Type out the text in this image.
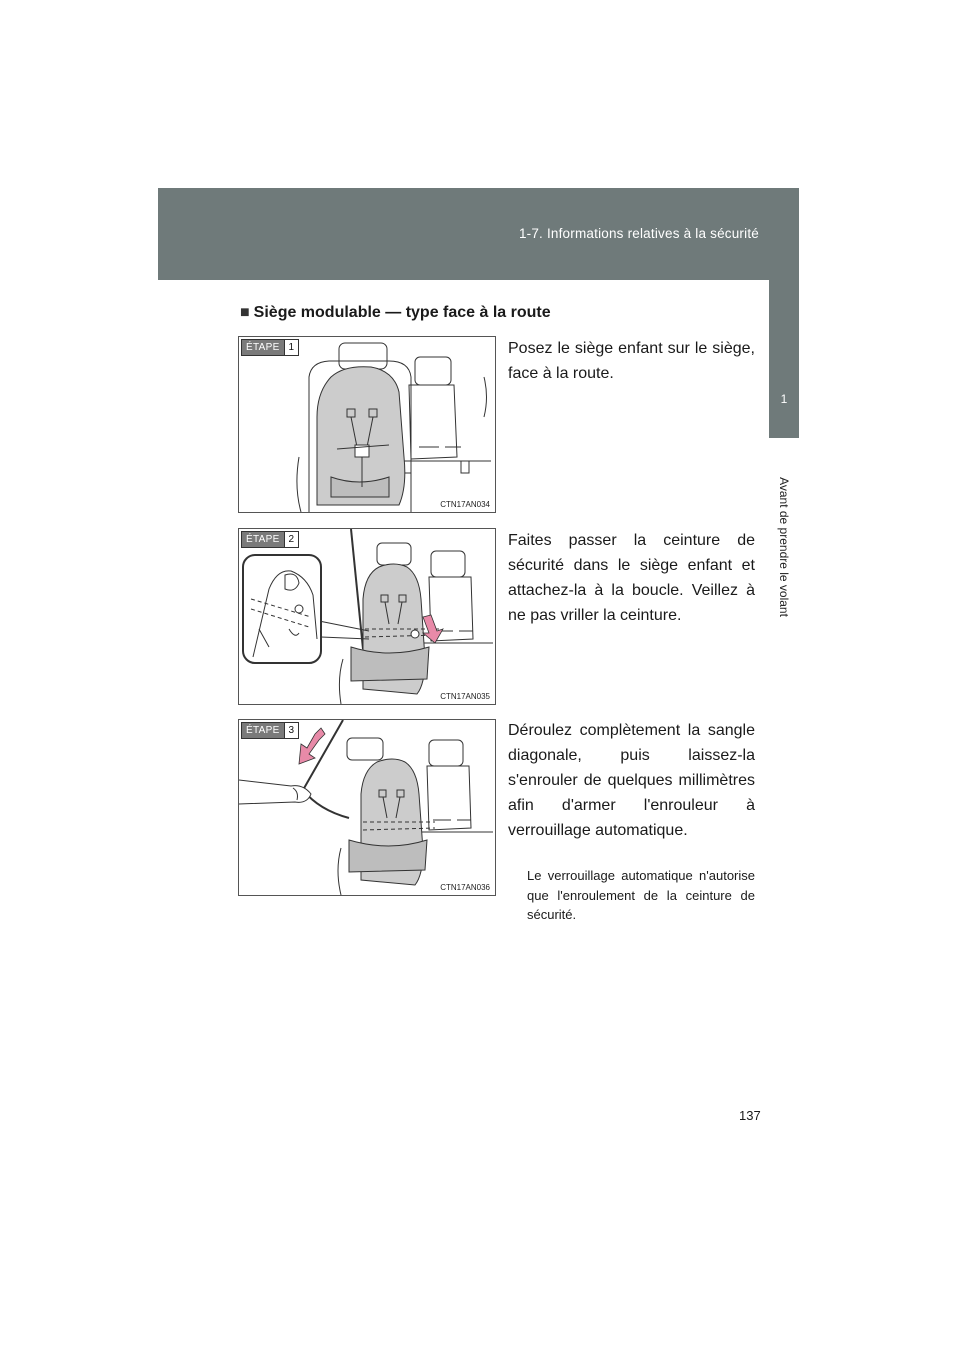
1-7. Informations relatives à la sécurité
1
Avant de prendre le volant
■ Siège modulable — type face à la route
ÉTAPE 1
CTN17AN034
Posez le siège enfant sur le siège, face à la route.
ÉTAPE 2
CTN17AN035
Faites passer la ceinture de sécurité dans le siège enfant et attachez-la à la boucle. Veillez à ne pas vriller la ceinture.
ÉTAPE 3
CTN17AN036
Déroulez complètement la sangle diagonale, puis laissez-la s'enrouler de quelques millimètres afin d'armer l'enrouleur à verrouillage automatique.
Le verrouillage automatique n'autorise que l'enroulement de la ceinture de sécurité.
137
